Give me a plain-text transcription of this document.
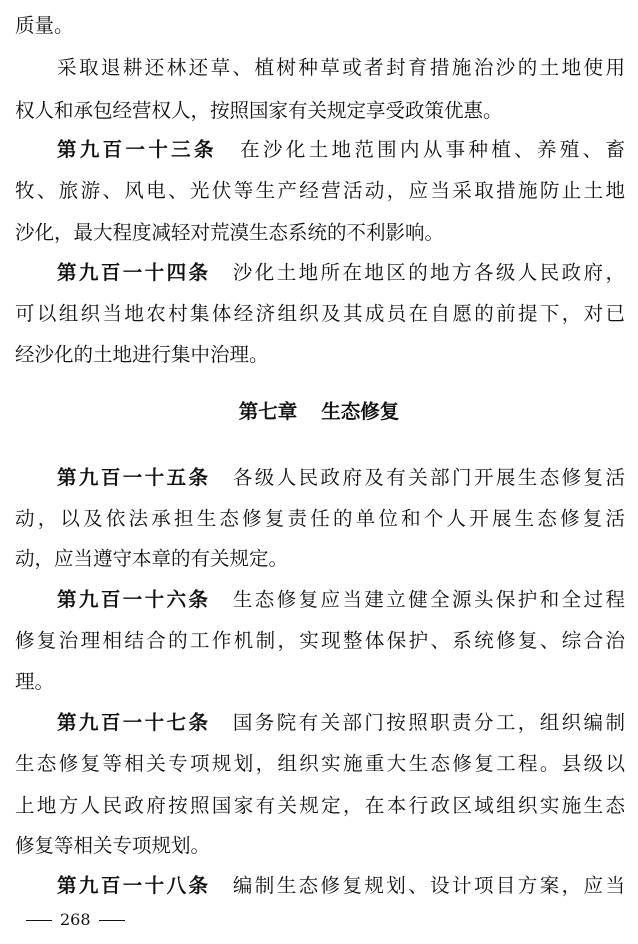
质量。
采取退耕还林还草、植树种草或者封育措施治沙的土地使用
权人和承包经营权人，按照国家有关规定享受政策优惠。
第九百一十三条 在沙化土地范围内从事种植、养殖、畜
牧、旅游、风电、光伏等生产经营活动，应当采取措施防止土地
沙化，最大程度减轻对荒漠生态系统的不利影响。
第九百一十四条 沙化土地所在地区的地方各级人民政府，
可以组织当地农村集体经济组织及其成员在自愿的前提下，对已
经沙化的土地进行集中治理。
第七章 生态修复
第九百一十五条 各级人民政府及有关部门开展生态修复活
动，以及依法承担生态修复责任的单位和个人开展生态修复活
动，应当遵守本章的有关规定。
第九百一十六条 生态修复应当建立健全源头保护和全过程
修复治理相结合的工作机制，实现整体保护、系统修复、综合治
理。
第九百一十七条 国务院有关部门按照职责分工，组织编制
生态修复等相关专项规划，组织实施重大生态修复工程。县级以
上地方人民政府按照国家有关规定，在本行政区域组织实施生态
修复等相关专项规划。
第九百一十八条 编制生态修复规划、设计项目方案，应当
268
